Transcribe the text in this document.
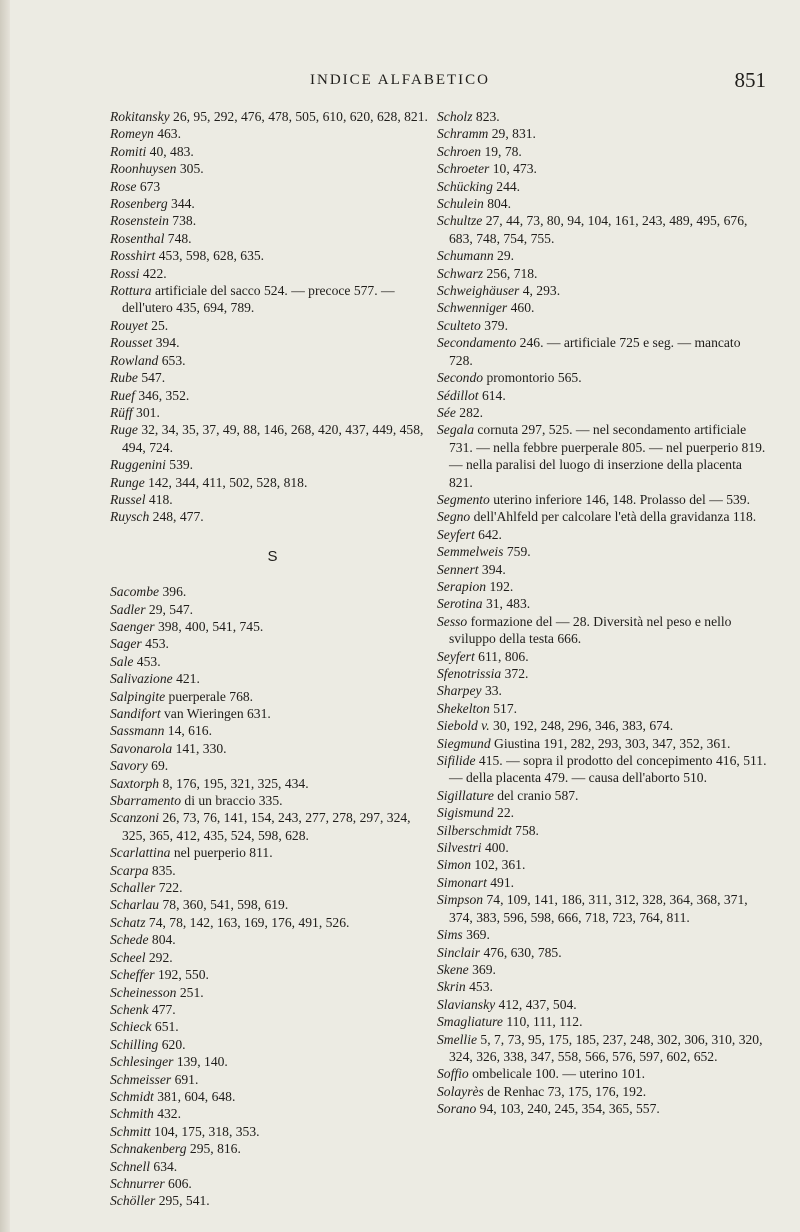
INDICE ALFABETICO	851
Rokitansky 26, 95, 292, 476, 478, 505, 610, 620, 628, 821.
Romeyn 463.
Romiti 40, 483.
Roonhuysen 305.
Rose 673
Rosenberg 344.
Rosenstein 738.
Rosenthal 748.
Rosshirt 453, 598, 628, 635.
Rossi 422.
Rottura artificiale del sacco 524. — precoce 577. — dell'utero 435, 694, 789.
Rouyet 25.
Rousset 394.
Rowland 653.
Rube 547.
Ruef 346, 352.
Rüff 301.
Ruge 32, 34, 35, 37, 49, 88, 146, 268, 420, 437, 449, 458, 494, 724.
Ruggenini 539.
Runge 142, 344, 411, 502, 528, 818.
Russel 418.
Ruysch 248, 477.
S
Sacombe 396.
Sadler 29, 547.
Saenger 398, 400, 541, 745.
Sager 453.
Sale 453.
Salivazione 421.
Salpingite puerperale 768.
Sandifort van Wieringen 631.
Sassmann 14, 616.
Savonarola 141, 330.
Savory 69.
Saxtorph 8, 176, 195, 321, 325, 434.
Sbarramento di un braccio 335.
Scanzoni 26, 73, 76, 141, 154, 243, 277, 278, 297, 324, 325, 365, 412, 435, 524, 598, 628.
Scarlattina nel puerperio 811.
Scarpa 835.
Schaller 722.
Scharlau 78, 360, 541, 598, 619.
Schatz 74, 78, 142, 163, 169, 176, 491, 526.
Schede 804.
Scheel 292.
Scheffer 192, 550.
Scheinesson 251.
Schenk 477.
Schieck 651.
Schilling 620.
Schlesinger 139, 140.
Schmeisser 691.
Schmidt 381, 604, 648.
Schmith 432.
Schmitt 104, 175, 318, 353.
Schnakenberg 295, 816.
Schnell 634.
Schnurrer 606.
Schöller 295, 541.
Scholz 823.
Schramm 29, 831.
Schroen 19, 78.
Schroeter 10, 473.
Schücking 244.
Schulein 804.
Schultze 27, 44, 73, 80, 94, 104, 161, 243, 489, 495, 676, 683, 748, 754, 755.
Schumann 29.
Schwarz 256, 718.
Schweighäuser 4, 293.
Schwenniger 460.
Sculteto 379.
Secondamento 246. — artificiale 725 e seg. — mancato 728.
Secondo promontorio 565.
Sédillot 614.
Sée 282.
Segala cornuta 297, 525. — nel secondamento artificiale 731. — nella febbre puerperale 805. — nel puerperio 819. — nella paralisi del luogo di inserzione della placenta 821.
Segmento uterino inferiore 146, 148. Prolasso del — 539.
Segno dell'Ahlfeld per calcolare l'età della gravidanza 118.
Seyfert 642.
Semmelweis 759.
Sennert 394.
Serapion 192.
Serotina 31, 483.
Sesso formazione del — 28. Diversità nel peso e nello sviluppo della testa 666.
Seyfert 611, 806.
Sfenotrissia 372.
Sharpey 33.
Shekelton 517.
Siebold v. 30, 192, 248, 296, 346, 383, 674.
Siegmund Giustina 191, 282, 293, 303, 347, 352, 361.
Sifilide 415. — sopra il prodotto del concepimento 416, 511. — della placenta 479. — causa dell'aborto 510.
Sigillature del cranio 587.
Sigismund 22.
Silberschmidt 758.
Silvestri 400.
Simon 102, 361.
Simonart 491.
Simpson 74, 109, 141, 186, 311, 312, 328, 364, 368, 371, 374, 383, 596, 598, 666, 718, 723, 764, 811.
Sims 369.
Sinclair 476, 630, 785.
Skene 369.
Skrin 453.
Slaviansky 412, 437, 504.
Smagliature 110, 111, 112.
Smellie 5, 7, 73, 95, 175, 185, 237, 248, 302, 306, 310, 320, 324, 326, 338, 347, 558, 566, 576, 597, 602, 652.
Soffio ombelicale 100. — uterino 101.
Solayrès de Renhac 73, 175, 176, 192.
Sorano 94, 103, 240, 245, 354, 365, 557.
